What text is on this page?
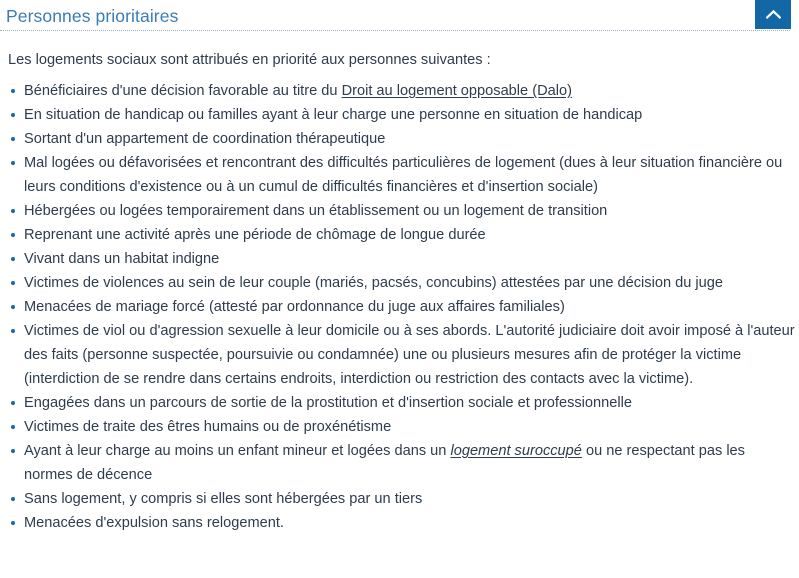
Personnes prioritaires

Les logements sociaux sont attribués en priorité aux personnes suivantes :

Bénéficiaires d'une décision favorable au titre du Droit au logement opposable (Dalo)
En situation de handicap ou familles ayant à leur charge une personne en situation de handicap
Sortant d'un appartement de coordination thérapeutique
Mal logées ou défavorisées et rencontrant des difficultés particulières de logement (dues à leur situation financière ou leurs conditions d'existence ou à un cumul de difficultés financières et d'insertion sociale)
Hébergées ou logées temporairement dans un établissement ou un logement de transition
Reprenant une activité après une période de chômage de longue durée
Vivant dans un habitat indigne
Victimes de violences au sein de leur couple (mariés, pacsés, concubins) attestées par une décision du juge
Menacées de mariage forcé (attesté par ordonnance du juge aux affaires familiales)
Victimes de viol ou d'agression sexuelle à leur domicile ou à ses abords. L'autorité judiciaire doit avoir imposé à l'auteur des faits (personne suspectée, poursuivie ou condamnée) une ou plusieurs mesures afin de protéger la victime (interdiction de se rendre dans certains endroits, interdiction ou restriction des contacts avec la victime).
Engagées dans un parcours de sortie de la prostitution et d'insertion sociale et professionnelle
Victimes de traite des êtres humains ou de proxénétisme
Ayant à leur charge au moins un enfant mineur et logées dans un logement suroccupé ou ne respectant pas les normes de décence
Sans logement, y compris si elles sont hébergées par un tiers
Menacées d'expulsion sans relogement.
